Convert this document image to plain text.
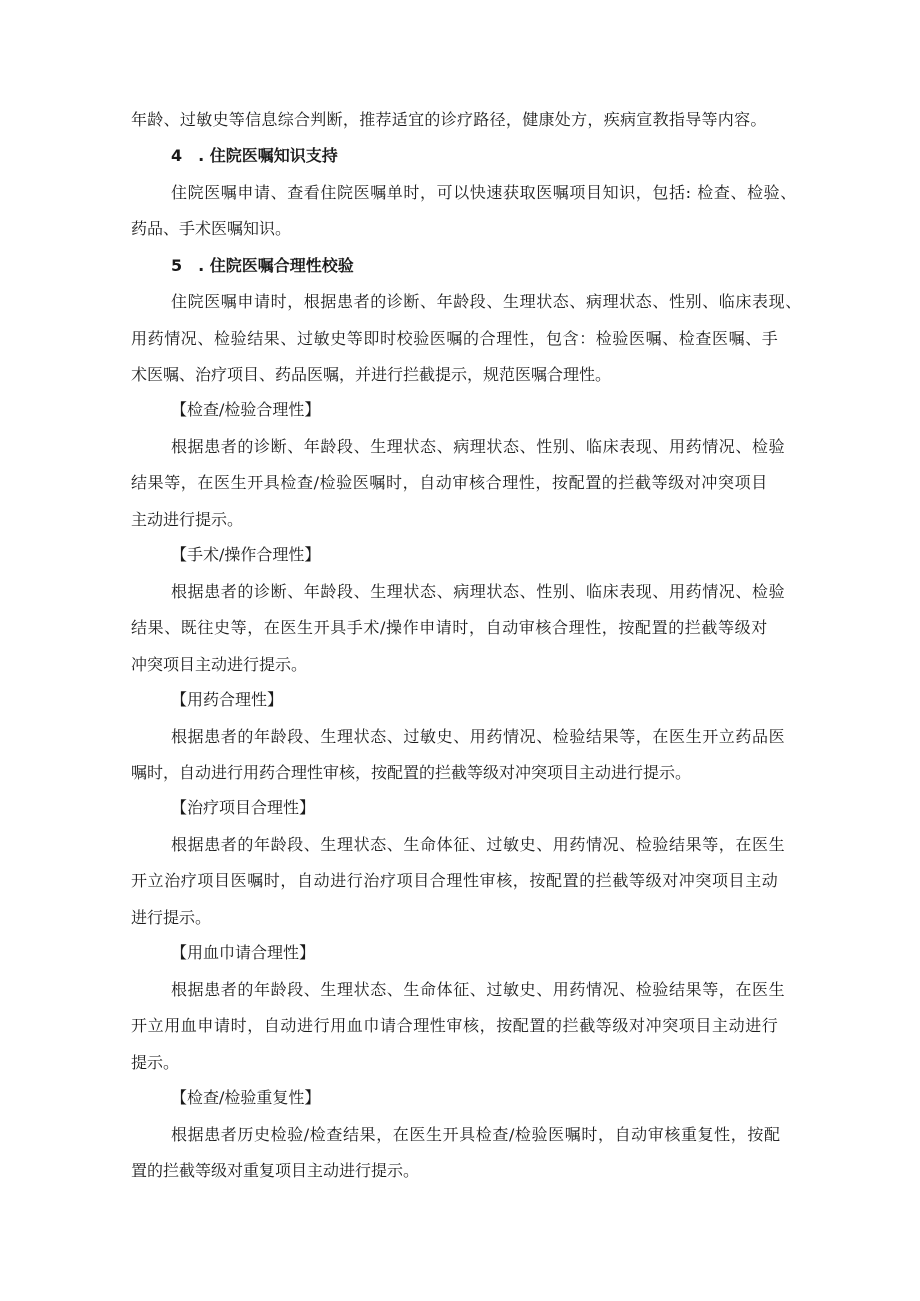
年龄、过敏史等信息综合判断，推荐适宜的诊疗路径，健康处方，疾病宣教指导等内容。
4　. 住院医嘱知识支持
住院医嘱申请、查看住院医嘱单时，可以快速获取医嘱项目知识，包括: 检查、检验、
药品、手术医嘱知识。
5　. 住院医嘱合理性校验
住院医嘱申请时，根据患者的诊断、年龄段、生理状态、病理状态、性别、临床表现、
用药情况、检验结果、过敏史等即时校验医嘱的合理性，包含：检验医嘱、检查医嘱、手
术医嘱、治疗项目、药品医嘱，并进行拦截提示，规范医嘱合理性。
【检查/检验合理性】
根据患者的诊断、年龄段、生理状态、病理状态、性别、临床表现、用药情况、检验
结果等，在医生开具检查/检验医嘱时，自动审核合理性，按配置的拦截等级对冲突项目
主动进行提示。
【手术/操作合理性】
根据患者的诊断、年龄段、生理状态、病理状态、性别、临床表现、用药情况、检验
结果、既往史等，在医生开具手术/操作申请时，自动审核合理性，按配置的拦截等级对
冲突项目主动进行提示。
【用药合理性】
根据患者的年龄段、生理状态、过敏史、用药情况、检验结果等，在医生开立药品医
嘱时，自动进行用药合理性审核，按配置的拦截等级对冲突项目主动进行提示。
【治疗项目合理性】
根据患者的年龄段、生理状态、生命体征、过敏史、用药情况、检验结果等，在医生
开立治疗项目医嘱时，自动进行治疗项目合理性审核，按配置的拦截等级对冲突项目主动
进行提示。
【用血巾请合理性】
根据患者的年龄段、生理状态、生命体征、过敏史、用药情况、检验结果等，在医生
开立用血申请时，自动进行用血巾请合理性审核，按配置的拦截等级对冲突项目主动进行
提示。
【检查/检验重复性】
根据患者历史检验/检查结果，在医生开具检查/检验医嘱时，自动审核重复性，按配
置的拦截等级对重复项目主动进行提示。
